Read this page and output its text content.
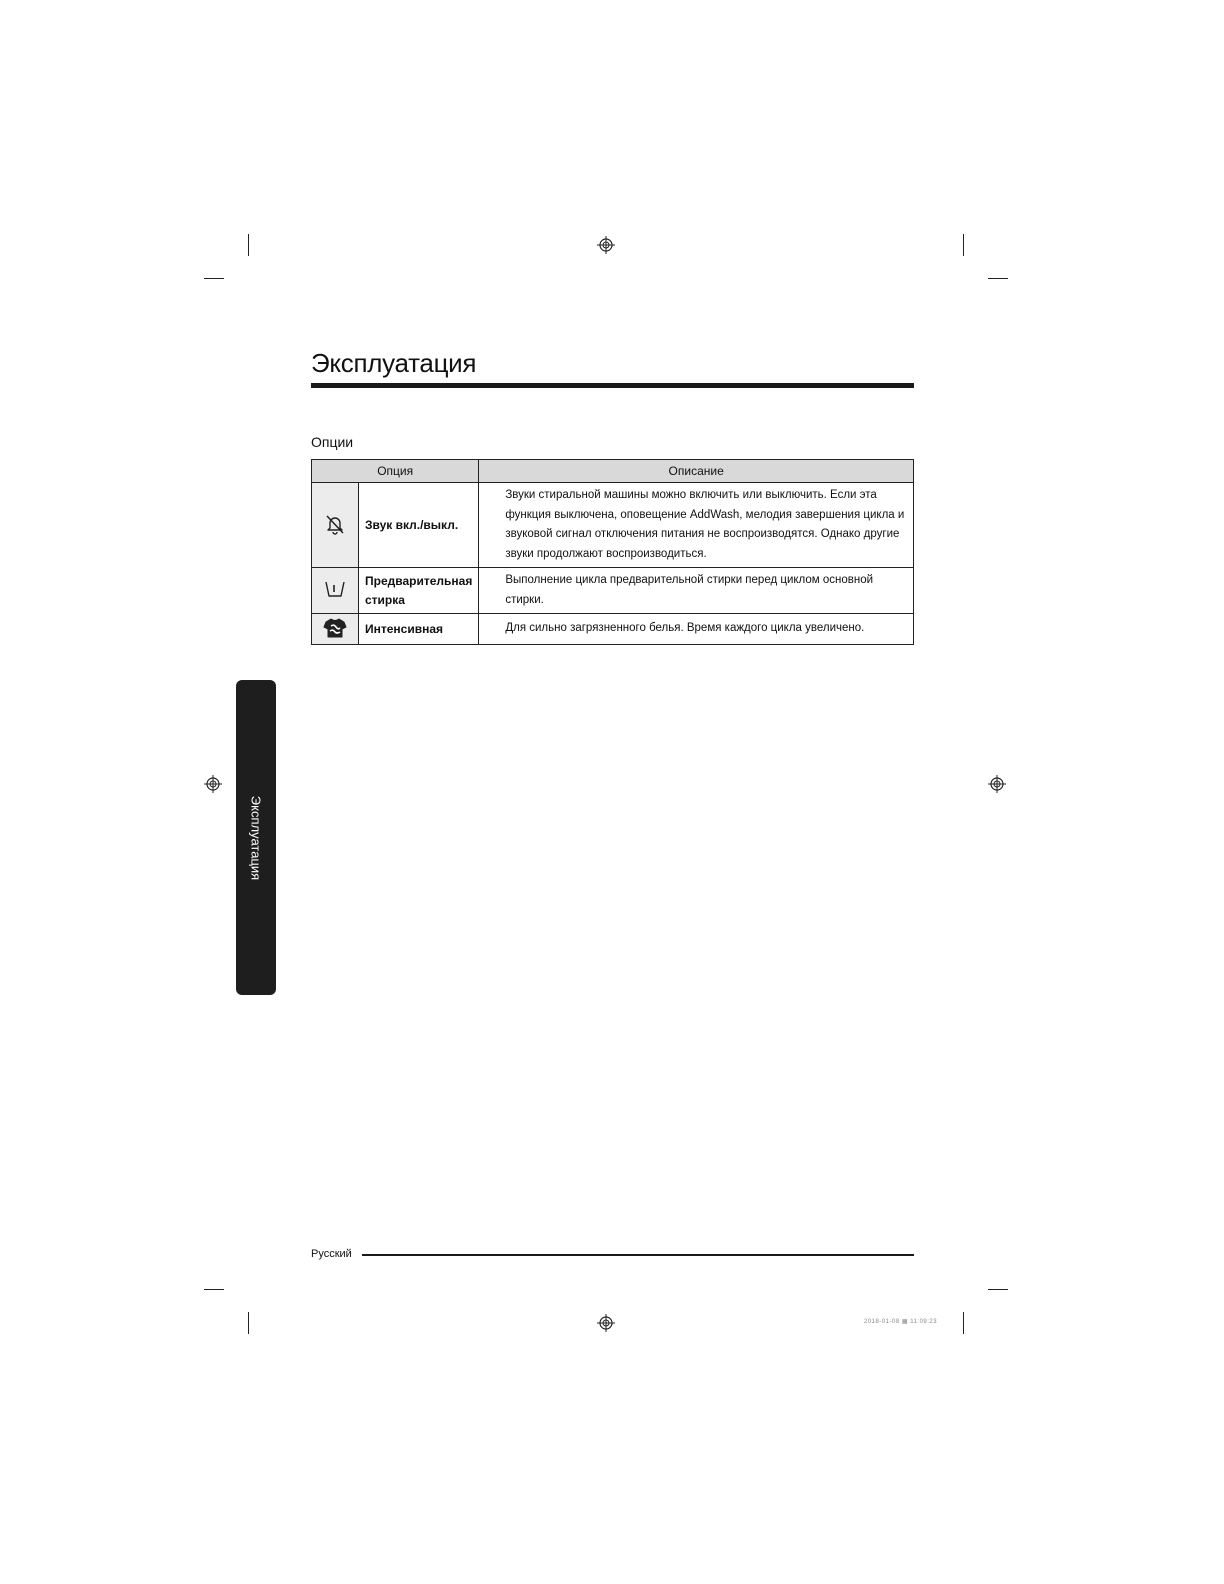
Эксплуатация
Опции
Опция		Описание
	Звук вкл./выкл.	Звуки стиральной машины можно включить или выключить. Если эта функция выключена, оповещение AddWash, мелодия завершения цикла и звуковой сигнал отключения питания не воспроизводятся. Однако другие звуки продолжают воспроизводиться.
	Предварительная стирка	Выполнение цикла предварительной стирки перед циклом основной стирки.
	Интенсивная	Для сильно загрязненного белья. Время каждого цикла увеличено.
Эксплуатация
Русский
2018-01-08 ▦ 11:09:23
